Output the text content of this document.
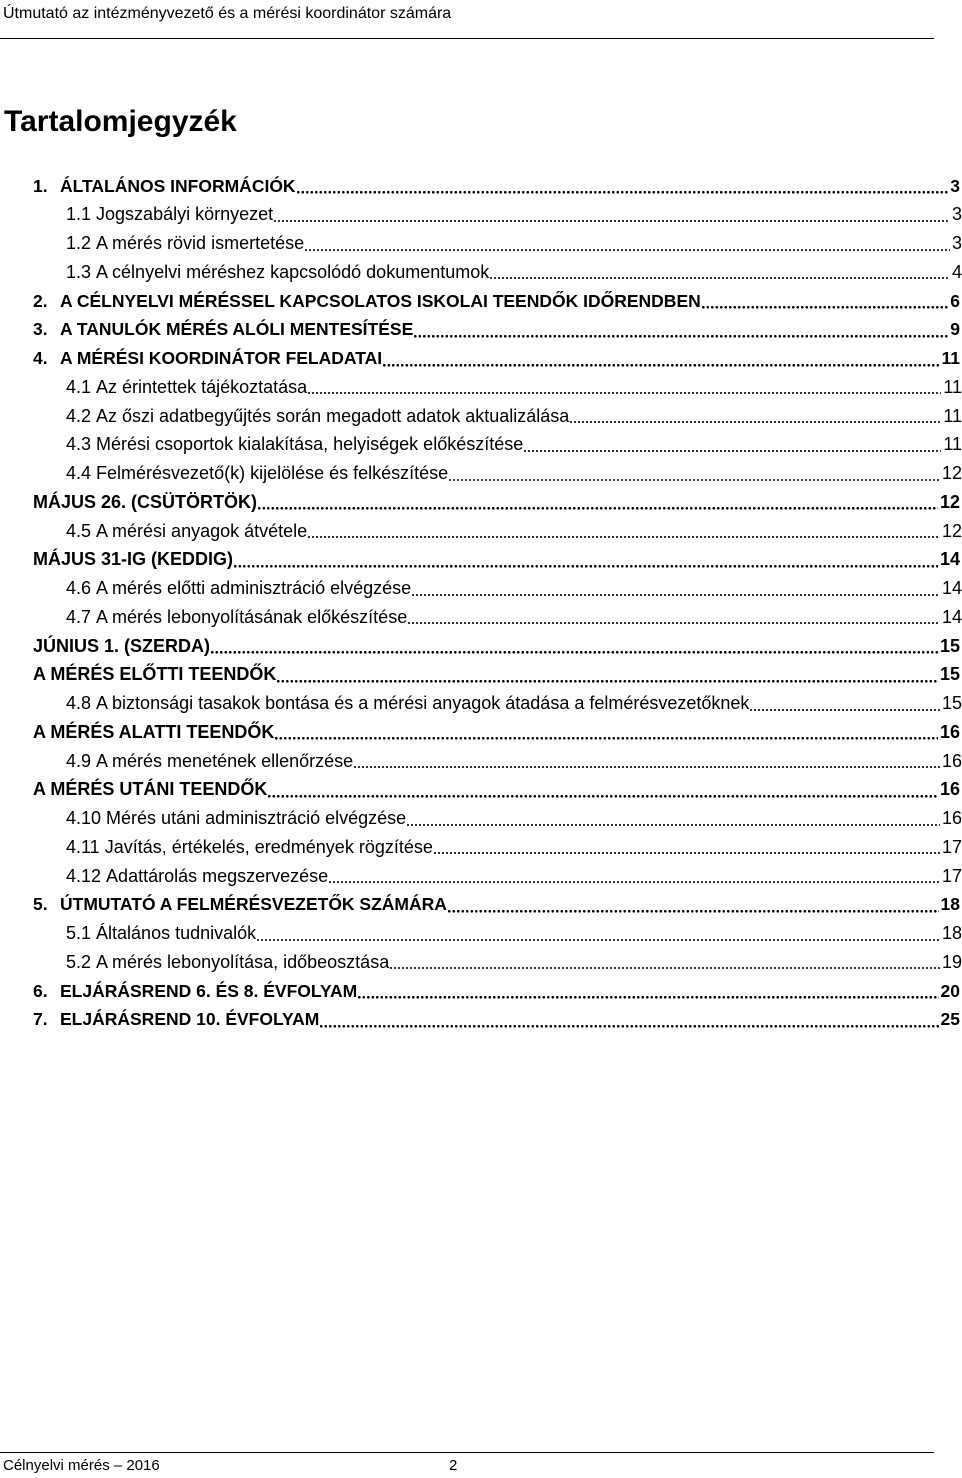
Útmutató az intézményvezető és a mérési koordinátor számára
Tartalomjegyzék
1. ÁLTALÁNOS INFORMÁCIÓK	3
1.1 Jogszabályi környezet	3
1.2 A mérés rövid ismertetése	3
1.3 A célnyelvi méréshez kapcsolódó dokumentumok	4
2. A CÉLNYELVI MÉRÉSSEL KAPCSOLATOS ISKOLAI TEENDŐK IDŐRENDBEN	6
3. A TANULÓK MÉRÉS ALÓLI MENTESÍTÉSE	9
4. A MÉRÉSI KOORDINÁTOR FELADATAI	11
4.1 Az érintettek tájékoztatása	11
4.2 Az őszi adatbegyűjtés során megadott adatok aktualizálása	11
4.3 Mérési csoportok kialakítása, helyiségek előkészítése	11
4.4 Felmérésvezető(k) kijelölése és felkészítése	12
MÁJUS 26. (CSÜTÖRTÖK)	12
4.5 A mérési anyagok átvétele	12
MÁJUS 31-IG (KEDDIG)	14
4.6 A mérés előtti adminisztráció elvégzése	14
4.7 A mérés lebonyolításának előkészítése	14
JÚNIUS 1. (SZERDA)	15
A MÉRÉS ELŐTTI TEENDŐK	15
4.8 A biztonsági tasakok bontása és a mérési anyagok átadása a felmérésvezetőknek	15
A MÉRÉS ALATTI TEENDŐK	16
4.9 A mérés menetének ellenőrzése	16
A MÉRÉS UTÁNI TEENDŐK	16
4.10 Mérés utáni adminisztráció elvégzése	16
4.11 Javítás, értékelés, eredmények rögzítése	17
4.12 Adattárolás megszervezése	17
5. ÚTMUTATÓ A FELMÉRÉSVEZETŐK SZÁMÁRA	18
5.1 Általános tudnivalók	18
5.2 A mérés lebonyolítása, időbeosztása	19
6. ELJÁRÁSREND 6. ÉS 8. ÉVFOLYAM	20
7. ELJÁRÁSREND 10. ÉVFOLYAM	25
Célnyelvi mérés – 2016	2
